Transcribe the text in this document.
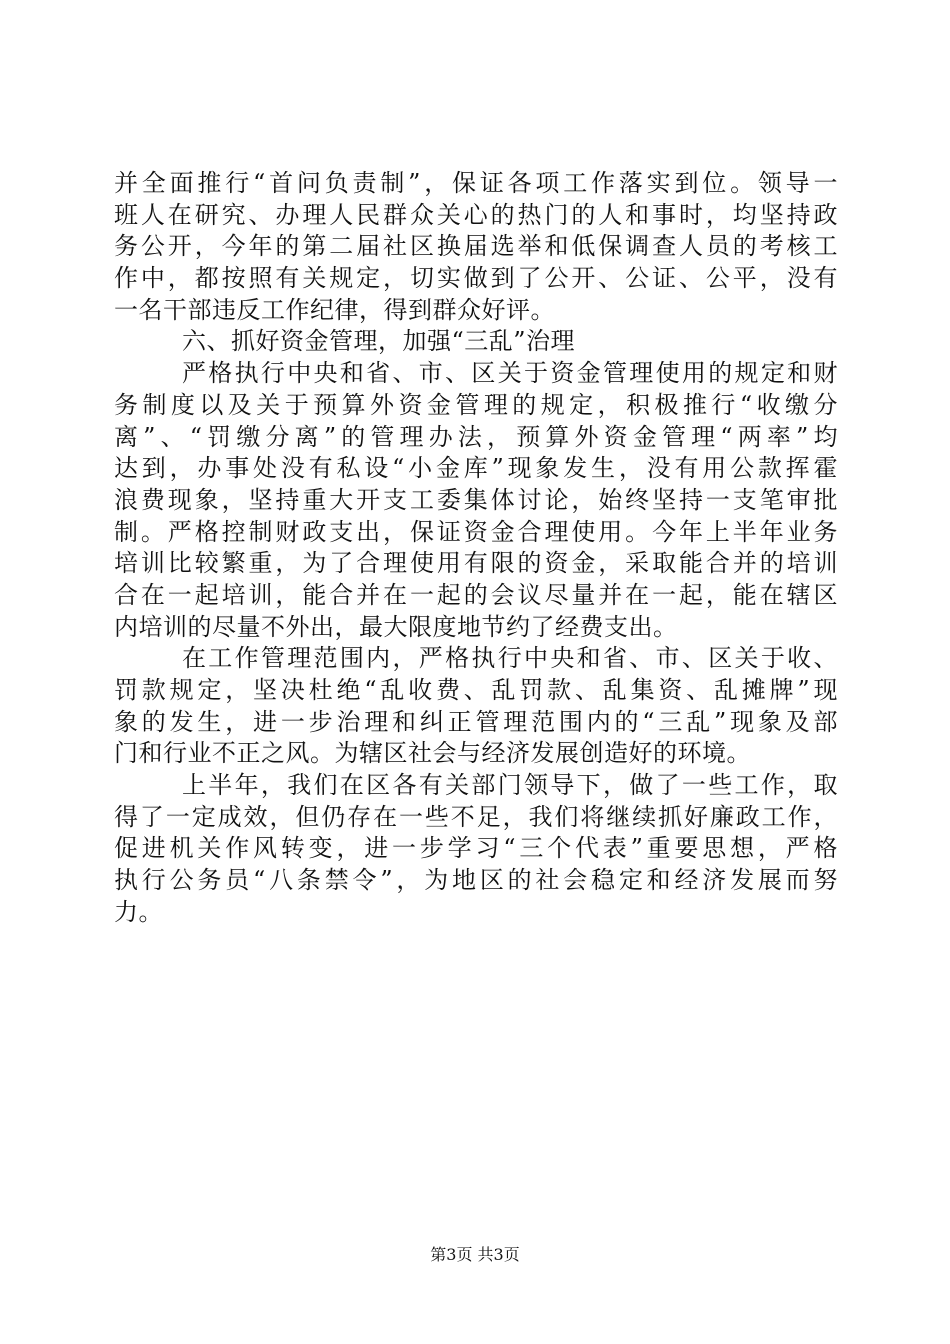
并全面推行“首问负责制”，保证各项工作落实到位。领导一
班人在研究、办理人民群众关心的热门的人和事时，均坚持政
务公开，今年的第二届社区换届选举和低保调查人员的考核工
作中，都按照有关规定，切实做到了公开、公证、公平，没有
一名干部违反工作纪律，得到群众好评。
六、抓好资金管理，加强“三乱”治理
严格执行中央和省、市、区关于资金管理使用的规定和财
务制度以及关于预算外资金管理的规定，积极推行“收缴分
离”、“罚缴分离”的管理办法，预算外资金管理“两率”均
达到，办事处没有私设“小金库”现象发生，没有用公款挥霍
浪费现象，坚持重大开支工委集体讨论，始终坚持一支笔审批
制。严格控制财政支出，保证资金合理使用。今年上半年业务
培训比较繁重，为了合理使用有限的资金，采取能合并的培训
合在一起培训，能合并在一起的会议尽量并在一起，能在辖区
内培训的尽量不外出，最大限度地节约了经费支出。
在工作管理范围内，严格执行中央和省、市、区关于收、
罚款规定，坚决杜绝“乱收费、乱罚款、乱集资、乱摊牌”现
象的发生，进一步治理和纠正管理范围内的“三乱”现象及部
门和行业不正之风。为辖区社会与经济发展创造好的环境。
上半年，我们在区各有关部门领导下，做了一些工作，取
得了一定成效，但仍存在一些不足，我们将继续抓好廉政工作，
促进机关作风转变，进一步学习“三个代表”重要思想，严格
执行公务员“八条禁令”，为地区的社会稳定和经济发展而努
力。
第3页 共3页
